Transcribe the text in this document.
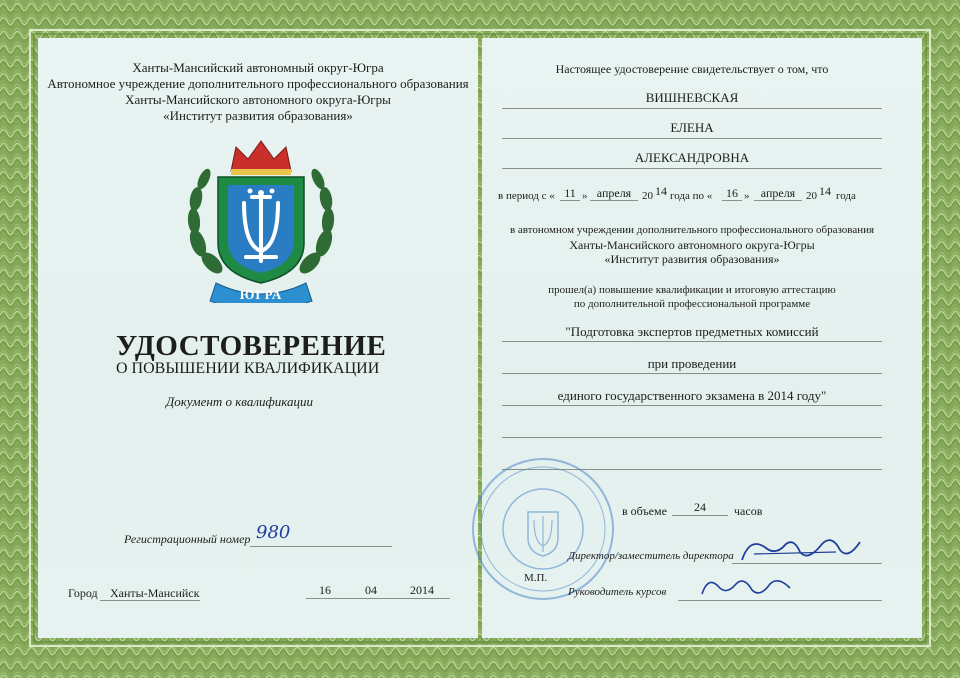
Ханты-Мансийский автономный округ-Югра
Автономное учреждение дополнительного профессионального образования
Ханты-Мансийского автономного округа-Югры
«Институт развития образования»
ЮГРА
УДОСТОВЕРЕНИЕ
О ПОВЫШЕНИИ КВАЛИФИКАЦИИ
Документ о квалификации
Регистрационный номер 980
Город Ханты-Мансийск	16	04	2014
Настоящее удостоверение свидетельствует о том, что
ВИШНЕВСКАЯ
ЕЛЕНА
АЛЕКСАНДРОВНА
в период с « 11 » апреля 20 14 года по «	16 » апреля 20 14 года
в автономном учреждении дополнительного профессионального образования
Ханты-Мансийского автономного округа-Югры
«Институт развития образования»
прошел(а) повышение квалификации и итоговую аттестацию
по дополнительной профессиональной программе
"Подготовка экспертов предметных комиссий
при проведении
единого государственного экзамена в 2014 году"
в объеме	24	часов
Директор/заместитель директора
М.П.
Руководитель курсов
